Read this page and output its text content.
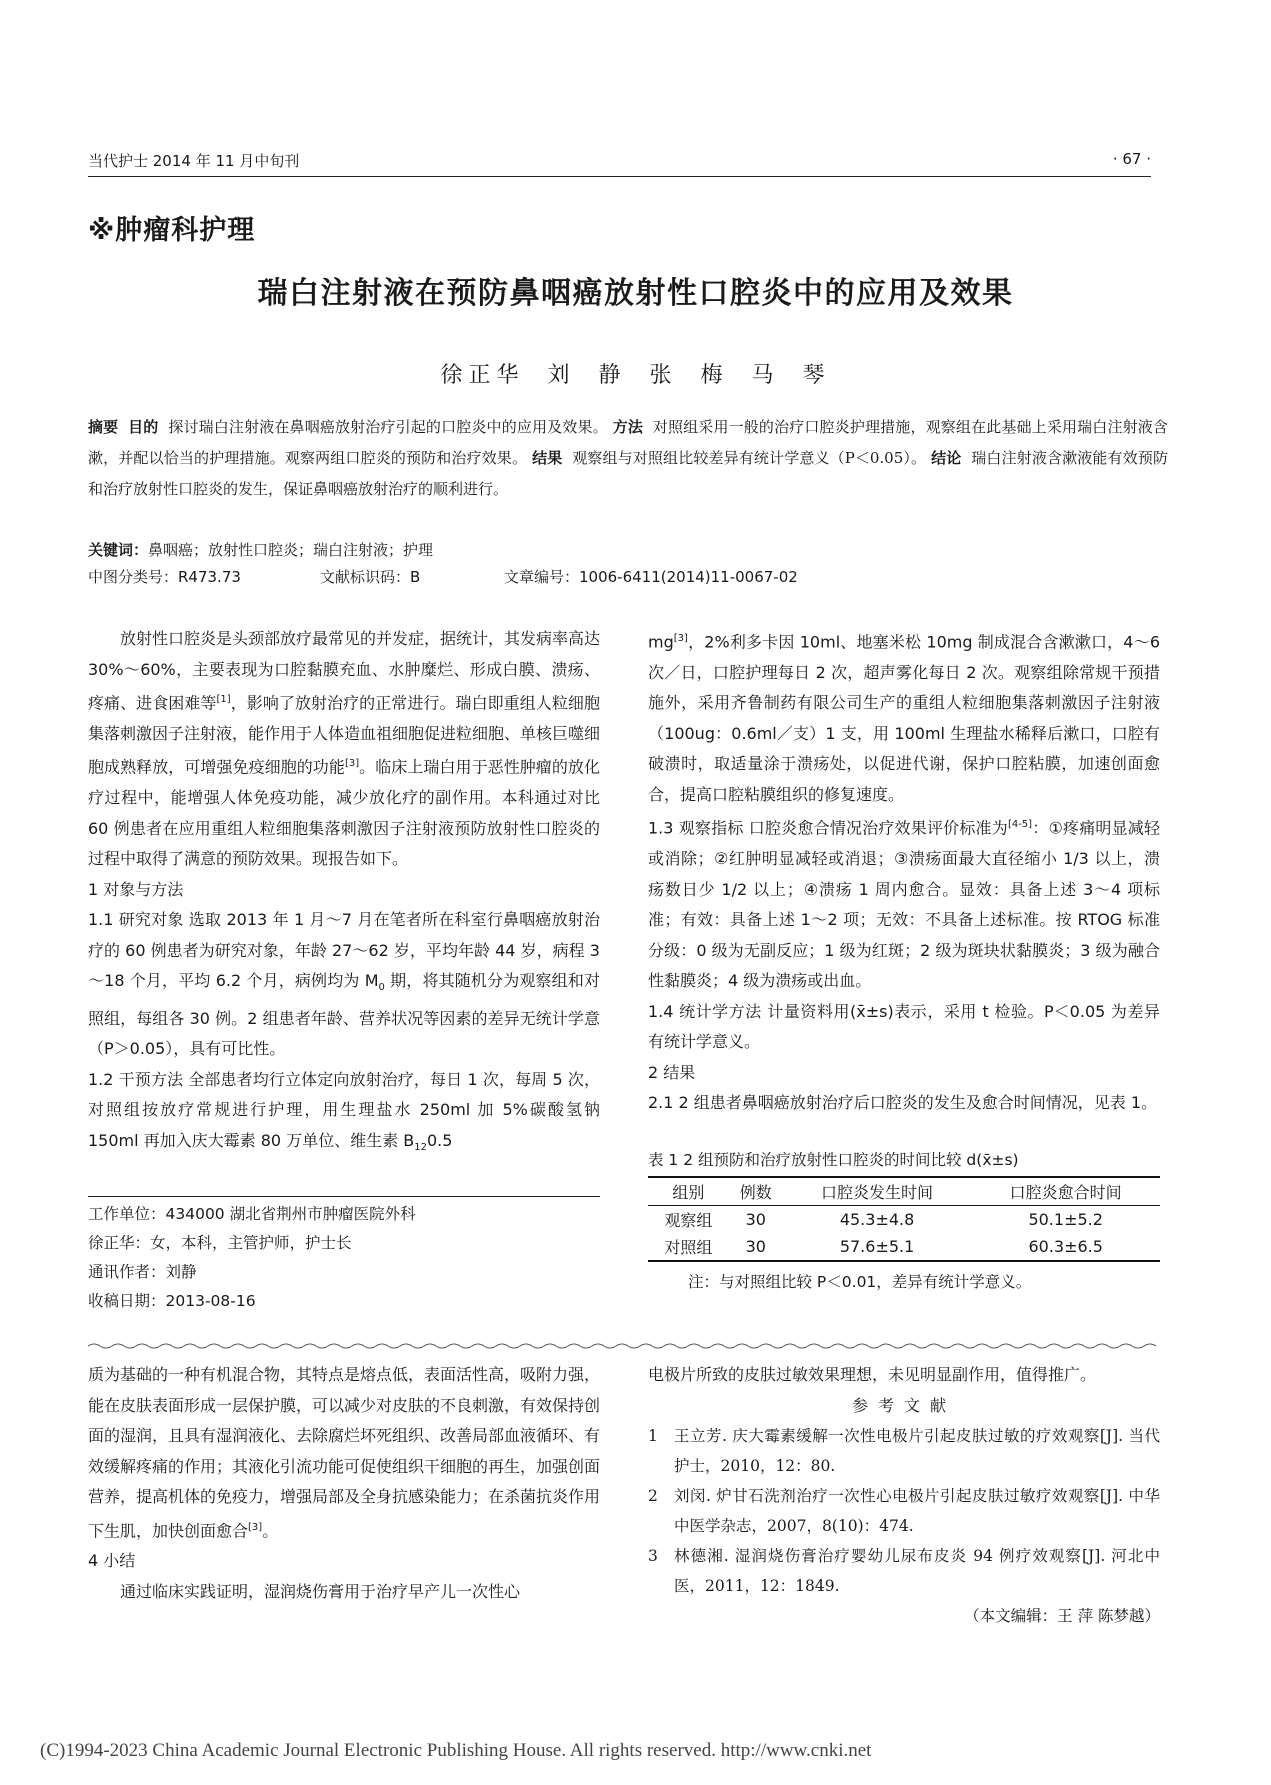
当代护士 2014 年 11 月中旬刊	· 67 ·
※肿瘤科护理
瑞白注射液在预防鼻咽癌放射性口腔炎中的应用及效果
徐正华 刘 静 张 梅 马 琴
摘要 目的 探讨瑞白注射液在鼻咽癌放射治疗引起的口腔炎中的应用及效果。 方法 对照组采用一般的治疗口腔炎护理措施，观察组在此基础上采用瑞白注射液含漱，并配以恰当的护理措施。观察两组口腔炎的预防和治疗效果。 结果 观察组与对照组比较差异有统计学意义（P＜0.05）。 结论 瑞白注射液含漱液能有效预防和治疗放射性口腔炎的发生，保证鼻咽癌放射治疗的顺利进行。
关键词：鼻咽癌；放射性口腔炎；瑞白注射液；护理
中图分类号：R473.73	文献标识码：B	文章编号：1006-6411(2014)11-0067-02

放射性口腔炎是头颈部放疗最常见的并发症，据统计，其发病率高达 30%～60%，主要表现为口腔黏膜充血、水肿糜烂、形成白膜、溃疡、疼痛、进食困难等[1]，影响了放射治疗的正常进行。瑞白即重组人粒细胞集落刺激因子注射液，能作用于人体造血祖细胞促进粒细胞、单核巨噬细胞成熟释放，可增强免疫细胞的功能[3]。临床上瑞白用于恶性肿瘤的放化疗过程中，能增强人体免疫功能，减少放化疗的副作用。本科通过对比 60 例患者在应用重组人粒细胞集落刺激因子注射液预防放射性口腔炎的过程中取得了满意的预防效果。现报告如下。

1 对象与方法

1.1 研究对象 选取 2013 年 1 月～7 月在笔者所在科室行鼻咽癌放射治疗的 60 例患者为研究对象，年龄 27～62 岁，平均年龄 44 岁，病程 3～18 个月，平均 6.2 个月，病例均为 $M_0$ 期，将其随机分为观察组和对照组，每组各 30 例。2 组患者年龄、营养状况等因素的差异无统计学意（P＞0.05），具有可比性。

1.2 干预方法 全部患者均行立体定向放射治疗，每日 1 次，每周 5 次，对照组按放疗常规进行护理，用生理盐水 250ml 加 5%碳酸氢钠 150ml 再加入庆大霉素 80 万单位、维生素 $B_{12}0.5$

工作单位：434000 湖北省荆州市肿瘤医院外科

徐正华：女，本科，主管护师，护士长

通讯作者：刘静

收稿日期：2013-08-16

mg[3]，2%利多卡因 10ml、地塞米松 10mg 制成混合含漱漱口，4～6 次／日，口腔护理每日 2 次，超声雾化每日 2 次。观察组除常规干预措施外，采用齐鲁制药有限公司生产的重组人粒细胞集落刺激因子注射液（100ug：0.6ml／支）1 支，用 100ml 生理盐水稀释后漱口，口腔有破溃时，取适量涂于溃疡处，以促进代谢，保护口腔粘膜，加速创面愈合，提高口腔粘膜组织的修复速度。

1.3 观察指标 口腔炎愈合情况治疗效果评价标准为[4-5]：①疼痛明显减轻或消除；②红肿明显减轻或消退；③溃疡面最大直径缩小 1/3 以上，溃疡数日少 1/2 以上；④溃疡 1 周内愈合。显效：具备上述 3～4 项标准；有效：具备上述 1～2 项；无效：不具备上述标准。按 RTOG 标准分级：0 级为无副反应；1 级为红斑；2 级为斑块状黏膜炎；3 级为融合性黏膜炎；4 级为溃疡或出血。

1.4 统计学方法 计量资料用(x̄±s)表示，采用 t 检验。P＜0.05 为差异有统计学意义。

2 结果

2.1 2 组患者鼻咽癌放射治疗后口腔炎的发生及愈合时间情况，见表 1。

表 1 2 组预防和治疗放射性口腔炎的时间比较 d(x̄±s)
组别	例数	口腔炎发生时间	口腔炎愈合时间
观察组	30	45.3±4.8	50.1±5.2
对照组	30	57.6±5.1	60.3±6.5
注：与对照组比较 P＜0.01，差异有统计学意义。

质为基础的一种有机混合物，其特点是熔点低，表面活性高，吸附力强，能在皮肤表面形成一层保护膜，可以减少对皮肤的不良刺激，有效保持创面的湿润，且具有湿润液化、去除腐烂坏死组织、改善局部血液循环、有效缓解疼痛的作用；其液化引流功能可促使组织干细胞的再生，加强创面营养，提高机体的免疫力，增强局部及全身抗感染能力；在杀菌抗炎作用下生肌，加快创面愈合[3]。

4 小结

通过临床实践证明，湿润烧伤膏用于治疗早产儿一次性心

电极片所致的皮肤过敏效果理想，未见明显副作用，值得推广。

参考文献

1	王立芳. 庆大霉素缓解一次性电极片引起皮肤过敏的疗效观察[J]. 当代护士，2010，12：80.
2	刘闵. 炉甘石洗剂治疗一次性心电极片引起皮肤过敏疗效观察[J]. 中华中医学杂志，2007，8(10)：474.
3	林德湘. 湿润烧伤膏治疗婴幼儿尿布皮炎 94 例疗效观察[J]. 河北中医，2011，12：1849.
（本文编辑：王 萍 陈梦越）
(C)1994-2023 China Academic Journal Electronic Publishing House. All rights reserved. http://www.cnki.net
